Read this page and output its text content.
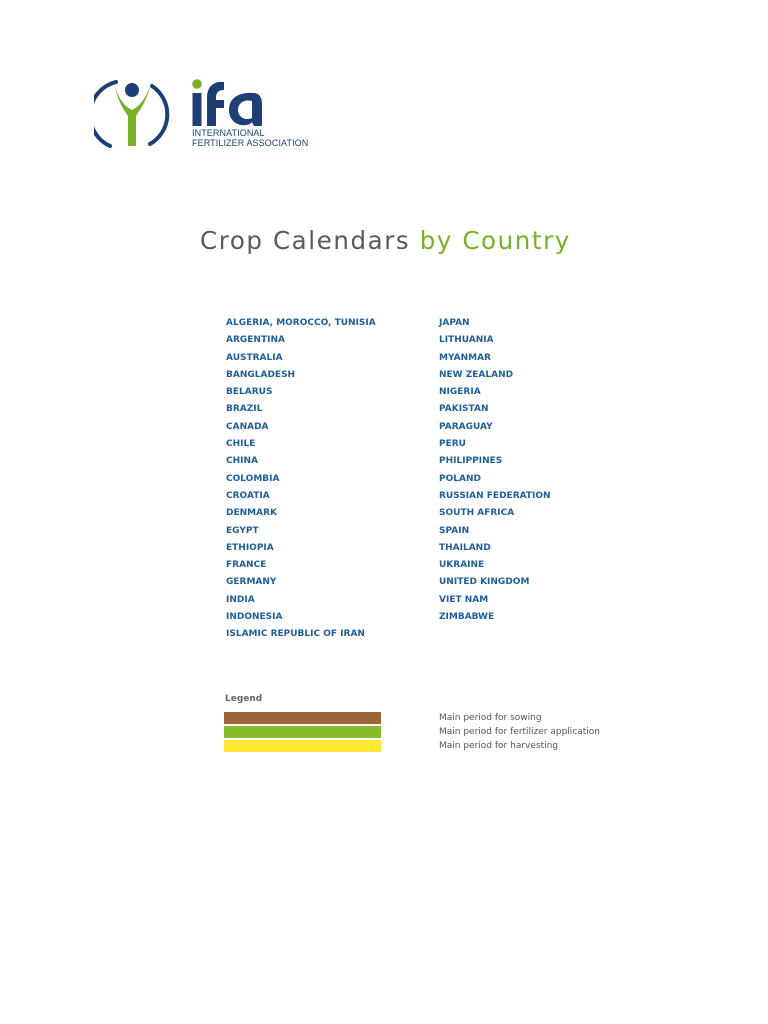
INTERNATIONAL
FERTILIZER ASSOCIATION
Crop Calendars by Country
ALGERIA, MOROCCO, TUNISIA
ARGENTINA
AUSTRALIA
BANGLADESH
BELARUS
BRAZIL
CANADA
CHILE
CHINA
COLOMBIA
CROATIA
DENMARK
EGYPT
ETHIOPIA
FRANCE
GERMANY
INDIA
INDONESIA
ISLAMIC REPUBLIC OF IRAN
JAPAN
LITHUANIA
MYANMAR
NEW ZEALAND
NIGERIA
PAKISTAN
PARAGUAY
PERU
PHILIPPINES
POLAND
RUSSIAN FEDERATION
SOUTH AFRICA
SPAIN
THAILAND
UKRAINE
UNITED KINGDOM
VIET NAM
ZIMBABWE
Legend
Main period for sowing
Main period for fertilizer application
Main period for harvesting
